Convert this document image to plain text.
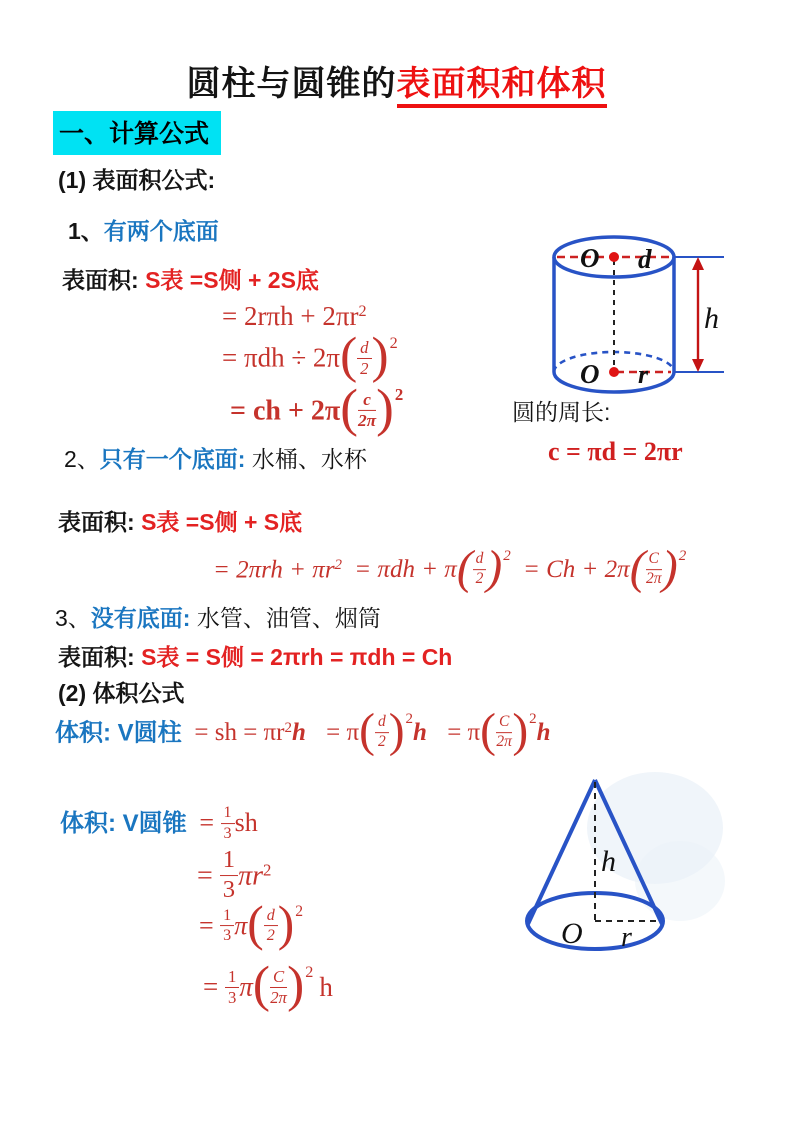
圆柱与圆锥的表面积和体积
一、计算公式
(1) 表面积公式:
1、有两个底面
表面积: S表 =S侧 + 2S底
= $2r\pi h + 2\pi r^2$
= $\pi dh \div 2\pi( \frac{d}{2} )^2$
= ch + $2\pi( \frac{c}{2\pi} )^2$
O d
O r
h
圆的周长:
c = πd = 2πr
2、只有一个底面: 水桶、水杯
表面积: S表 =S侧 + S底
= $2\pi rh + \pi r^2 = \pi dh + \pi( \frac{d}{2} )^2 = Ch + 2\pi( \frac{C}{2\pi} )^2$
3、没有底面: 水管、油管、烟筒
表面积: S表 = S侧 = 2πrh = πdh = Ch
(2) 体积公式
体积: V圆柱 = sh = $\pi r^2h = \pi( \frac{d}{2} )^2h = \pi( \frac{C}{2\pi} )^2h$
体积: V圆锥 = $\frac{1}{3}$ sh
= $\frac{1}{3} \pi r^2$
= $\frac{1}{3} \pi( \frac{d}{2} )^2$
= $\frac{1}{3} \pi( \frac{C}{2\pi} )^2$ h
h
O r
